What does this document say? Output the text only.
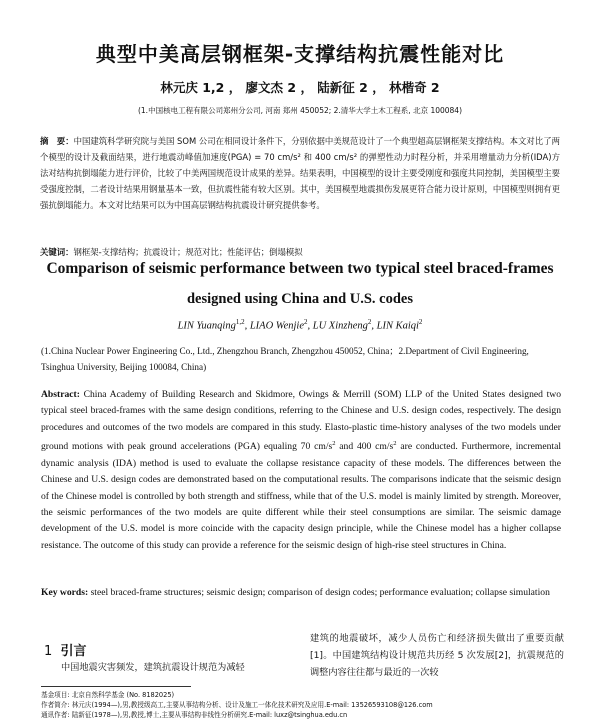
典型中美高层钢框架-支撑结构抗震性能对比
林元庆 1,2 ， 廖文杰 2 ， 陆新征 2 ， 林楷奇 2
(1.中国核电工程有限公司郑州分公司, 河南 郑州 450052; 2.清华大学土木工程系, 北京 100084)
摘　要：中国建筑科学研究院与美国 SOM 公司在相同设计条件下，分别依据中美规范设计了一个典型超高层钢框架支撑结构。本文对比了两个模型的设计及截面结果，进行地震动峰值加速度(PGA) = 70 cm/s² 和 400 cm/s² 的弹塑性动力时程分析，并采用增量动力分析(IDA)方法对结构抗倒塌能力进行评价，比较了中美两国规范设计成果的差异。结果表明，中国模型的设计主要受刚度和强度共同控制，美国模型主要受强度控制，二者设计结果用钢量基本一致，但抗震性能有较大区别。其中，美国模型地震损伤发展更符合能力设计原则，中国模型则拥有更强抗倒塌能力。本文对比结果可以为中国高层钢结构抗震设计研究提供参考。
关键词：钢框架-支撑结构；抗震设计；规范对比；性能评估；倒塌模拟
Comparison of seismic performance between two typical steel braced-frames
designed using China and U.S. codes
LIN Yuanqing$^{1,2}$, LIAO Wenjie$^2$, LU Xinzheng$^2$, LIN Kaiqi$^2$
(1.China Nuclear Power Engineering Co., Ltd., Zhengzhou Branch, Zhengzhou 450052, China；2.Department of Civil Engineering, Tsinghua University, Beijing 100084, China)
Abstract: China Academy of Building Research and Skidmore, Owings & Merrill (SOM) LLP of the United States designed two typical steel braced-frames with the same design conditions, referring to the Chinese and U.S. design codes, respectively. The design procedures and outcomes of the two models are compared in this study. Elasto-plastic time-history analyses of the two models under ground motions with peak ground accelerations (PGA) equaling 70 $cm/s^2$ and 400 $cm/s^2$ are conducted. Furthermore, incremental dynamic analysis (IDA) method is used to evaluate the collapse resistance capacity of these models. The differences between the Chinese and U.S. design codes are demonstrated based on the computational results. The comparisons indicate that the seismic design of the Chinese model is controlled by both strength and stiffness, while that of the U.S. model is mainly limited by strength. Moreover, the seismic performances of the two models are quite different while their steel consumptions are similar. The seismic damage development of the U.S. model is more coincide with the capacity design principle, while the Chinese model has a higher collapse resistance. The outcome of this study can provide a reference for the seismic design of high-rise steel structures in China.
Key words: steel braced-frame structures; seismic design; comparison of design codes; performance evaluation; collapse simulation
1 引言
中国地震灾害频发，建筑抗震设计规范为减轻
建筑的地震破坏，减少人员伤亡和经济损失做出了重要贡献[1]。中国建筑结构设计规范共历经 5 次发展[2]，抗震规范的调整内容往往都与最近的一次较
基金项目: 北京自然科学基金 (No. 8182025)
作者简介: 林元庆(1994—),男,教授级高工,主要从事结构分析、设计及施工一体化技术研究及应用.E-mail: 13526593108@126.com
通讯作者: 陆新征(1978—),男,教授,博士,主要从事结构非线性分析研究.E-mail: luxz@tsinghua.edu.cn
